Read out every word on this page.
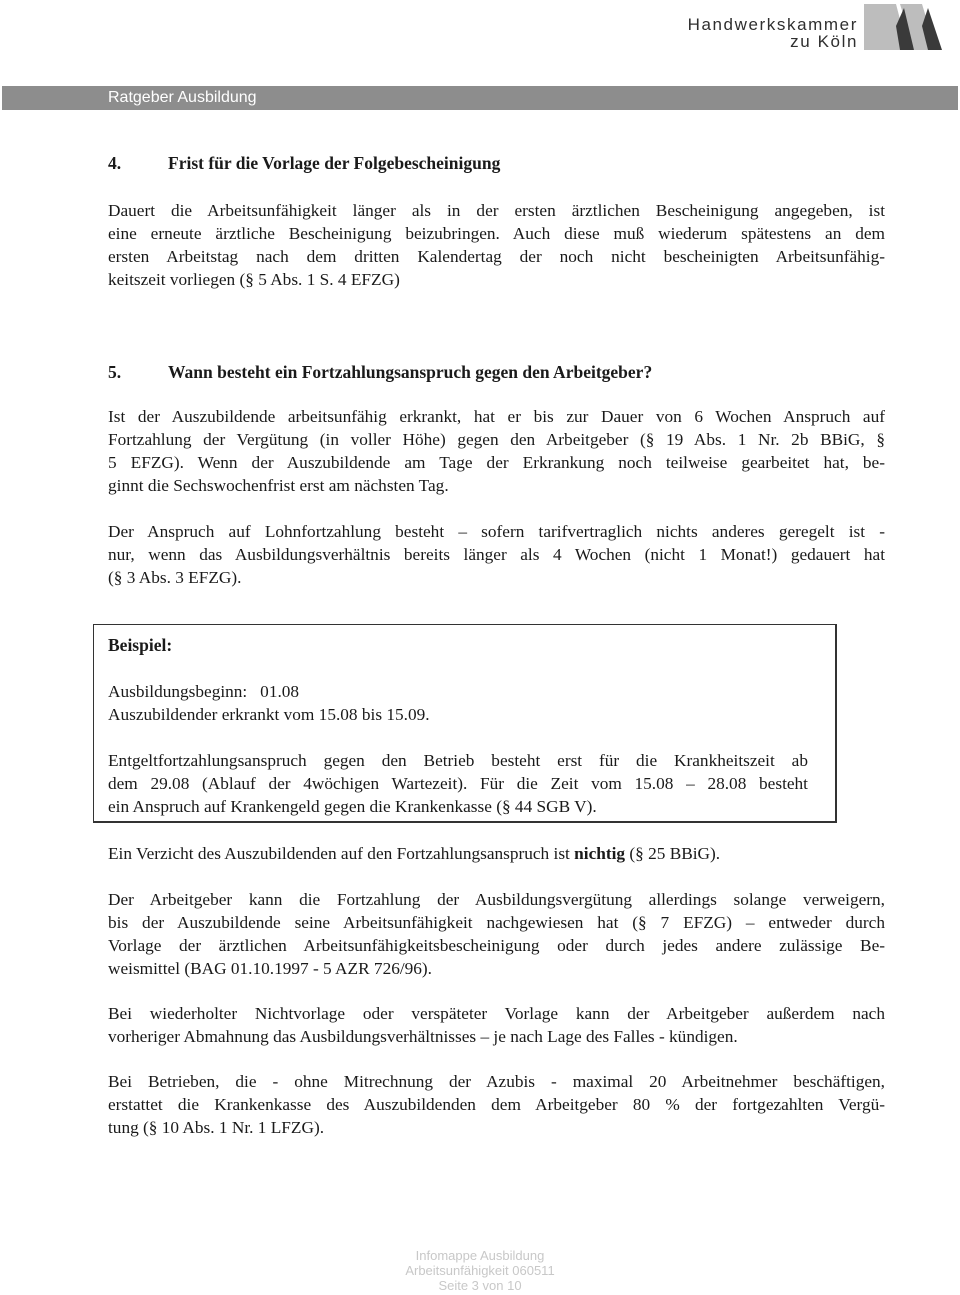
Handwerkskammer
zu Köln
Ratgeber Ausbildung
4.	Frist für die Vorlage der Folgebescheinigung
Dauert die Arbeitsunfähigkeit länger als in der ersten ärztlichen Bescheinigung angegeben, ist
eine erneute ärztliche Bescheinigung beizubringen. Auch diese muß wiederum spätestens an dem
ersten Arbeitstag nach dem dritten Kalendertag der noch nicht bescheinigten Arbeitsunfähig-
keitszeit vorliegen (§ 5 Abs. 1 S. 4 EFZG)
5.	Wann besteht ein Fortzahlungsanspruch gegen den Arbeitgeber?
Ist der Auszubildende arbeitsunfähig erkrankt, hat er bis zur Dauer von 6 Wochen Anspruch auf
Fortzahlung der Vergütung (in voller Höhe) gegen den Arbeitgeber (§ 19 Abs. 1 Nr. 2b BBiG, §
5 EFZG). Wenn der Auszubildende am Tage der Erkrankung noch teilweise gearbeitet hat, be-
ginnt die Sechswochenfrist erst am nächsten Tag.
Der Anspruch auf Lohnfortzahlung besteht – sofern tarifvertraglich nichts anderes geregelt ist -
nur, wenn das Ausbildungsverhältnis bereits länger als 4 Wochen (nicht 1 Monat!) gedauert hat
(§ 3 Abs. 3 EFZG).
Beispiel:
Ausbildungsbeginn:   01.08
Auszubildender erkrankt vom 15.08 bis 15.09.
Entgeltfortzahlungsanspruch gegen den Betrieb besteht erst für die Krankheitszeit ab
dem 29.08 (Ablauf der 4wöchigen Wartezeit). Für die Zeit vom 15.08 – 28.08 besteht
ein Anspruch auf Krankengeld gegen die Krankenkasse (§ 44 SGB V).
Ein Verzicht des Auszubildenden auf den Fortzahlungsanspruch ist nichtig (§ 25 BBiG).
Der Arbeitgeber kann die Fortzahlung der Ausbildungsvergütung allerdings solange verweigern,
bis der Auszubildende seine Arbeitsunfähigkeit nachgewiesen hat (§ 7 EFZG) – entweder durch
Vorlage der ärztlichen Arbeitsunfähigkeitsbescheinigung oder durch jedes andere zulässige Be-
weismittel (BAG 01.10.1997 - 5 AZR 726/96).
Bei wiederholter Nichtvorlage oder verspäteter Vorlage kann der Arbeitgeber außerdem nach
vorheriger Abmahnung das Ausbildungsverhältnisses – je nach Lage des Falles - kündigen.
Bei Betrieben, die - ohne Mitrechnung der Azubis - maximal 20 Arbeitnehmer beschäftigen,
erstattet die Krankenkasse des Auszubildenden dem Arbeitgeber 80 % der fortgezahlten Vergü-
tung (§ 10 Abs. 1 Nr. 1 LFZG).
Infomappe Ausbildung
Arbeitsunfähigkeit 060511
Seite 3 von 10
